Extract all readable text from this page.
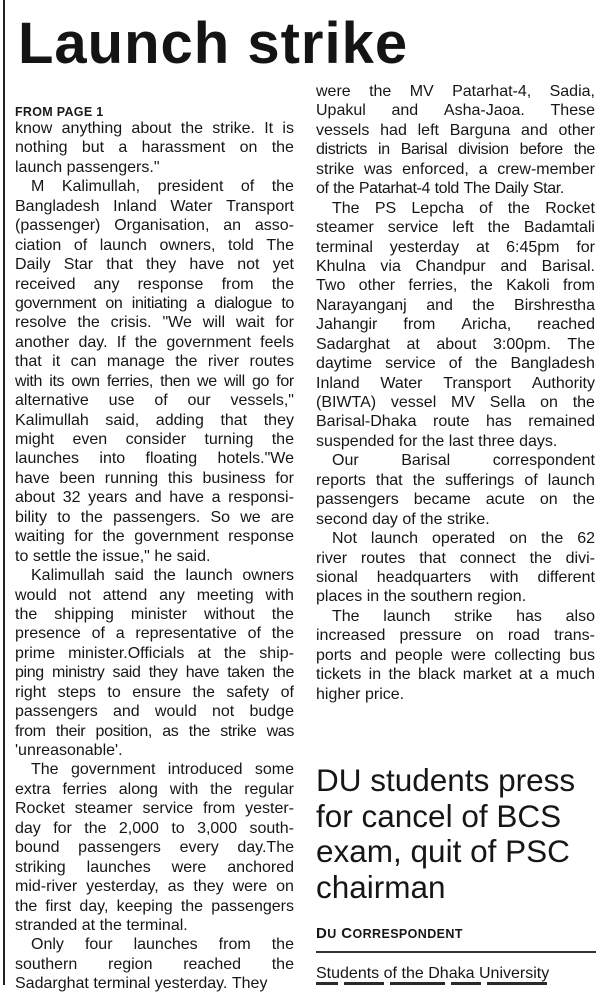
Launch strike
FROM PAGE 1
know anything about the strike. It is
nothing but a harassment on the
launch passengers."
M Kalimullah, president of the
Bangladesh Inland Water Transport
(passenger) Organisation, an asso-
ciation of launch owners, told The
Daily Star that they have not yet
received any response from the
government on initiating a dialogue to
resolve the crisis. "We will wait for
another day. If the government feels
that it can manage the river routes
with its own ferries, then we will go for
alternative use of our vessels,"
Kalimullah said, adding that they
might even consider turning the
launches into floating hotels."We
have been running this business for
about 32 years and have a responsi-
bility to the passengers. So we are
waiting for the government response
to settle the issue," he said.
Kalimullah said the launch owners
would not attend any meeting with
the shipping minister without the
presence of a representative of the
prime minister.Officials at the ship-
ping ministry said they have taken the
right steps to ensure the safety of
passengers and would not budge
from their position, as the strike was
'unreasonable'.
The government introduced some
extra ferries along with the regular
Rocket steamer service from yester-
day for the 2,000 to 3,000 south-
bound passengers every day.The
striking launches were anchored
mid-river yesterday, as they were on
the first day, keeping the passengers
stranded at the terminal.
Only four launches from the
southern region reached the
Sadarghat terminal yesterday. They
were the MV Patarhat-4, Sadia,
Upakul and Asha-Jaoa. These
vessels had left Barguna and other
districts in Barisal division before the
strike was enforced, a crew-member
of the Patarhat-4 told The Daily Star.
The PS Lepcha of the Rocket
steamer service left the Badamtali
terminal yesterday at 6:45pm for
Khulna via Chandpur and Barisal.
Two other ferries, the Kakoli from
Narayanganj and the Birshrestha
Jahangir from Aricha, reached
Sadarghat at about 3:00pm. The
daytime service of the Bangladesh
Inland Water Transport Authority
(BIWTA) vessel MV Sella on the
Barisal-Dhaka route has remained
suspended for the last three days.
Our	Barisal	correspondent
reports that the sufferings of launch
passengers became acute on the
second day of the strike.
Not launch operated on the 62
river routes that connect the divi-
sional headquarters with different
places in the southern region.
The launch strike has also
increased pressure on road trans-
ports and people were collecting bus
tickets in the black market at a much
higher price.
DU students press for cancel of BCS exam, quit of PSC chairman
DU CORRESPONDENT
Students of the Dhaka University
